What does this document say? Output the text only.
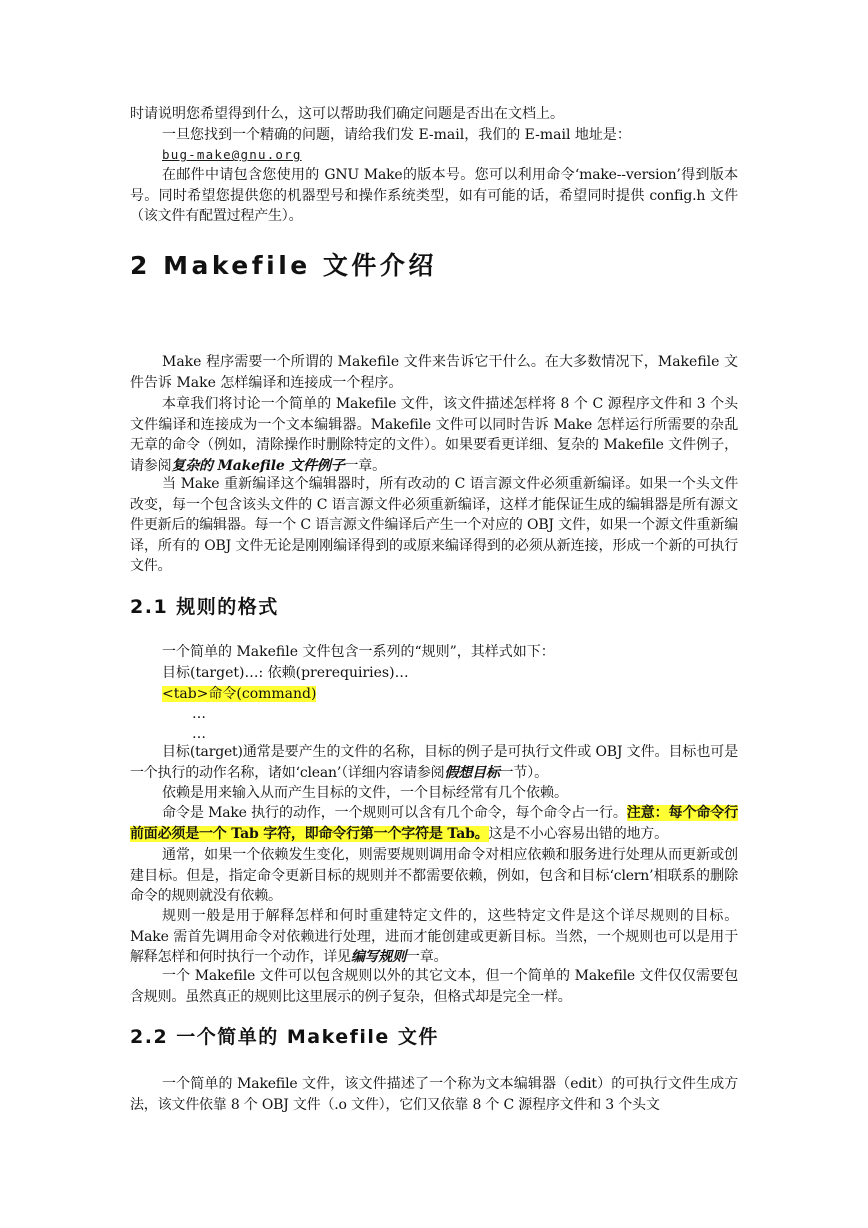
时请说明您希望得到什么，这可以帮助我们确定问题是否出在文档上。
一旦您找到一个精确的问题，请给我们发 E-mail，我们的 E-mail 地址是：
bug-make@gnu.org

在邮件中请包含您使用的 GNU Make的版本号。您可以利用命令‘make--version’得到版本号。同时希望您提供您的机器型号和操作系统类型，如有可能的话，希望同时提供 config.h 文件（该文件有配置过程产生）。

2 Makefile 文件介绍

Make 程序需要一个所谓的 Makefile 文件来告诉它干什么。在大多数情况下，Makefile 文件告诉 Make 怎样编译和连接成一个程序。

本章我们将讨论一个简单的 Makefile 文件，该文件描述怎样将 8 个 C 源程序文件和 3 个头文件编译和连接成为一个文本编辑器。Makefile 文件可以同时告诉 Make 怎样运行所需要的杂乱无章的命令（例如，清除操作时删除特定的文件）。如果要看更详细、复杂的 Makefile 文件例子，请参阅复杂的 Makefile 文件例子一章。

当 Make 重新编译这个编辑器时，所有改动的 C 语言源文件必须重新编译。如果一个头文件改变，每一个包含该头文件的 C 语言源文件必须重新编译，这样才能保证生成的编辑器是所有源文件更新后的编辑器。每一个 C 语言源文件编译后产生一个对应的 OBJ 文件，如果一个源文件重新编译，所有的 OBJ 文件无论是刚刚编译得到的或原来编译得到的必须从新连接，形成一个新的可执行文件。

2.1 规则的格式
一个简单的 Makefile 文件包含一系列的“规则”，其样式如下：
目标(target)…: 依赖(prerequiries)…
<tab>命令(command)
…
…

目标(target)通常是要产生的文件的名称，目标的例子是可执行文件或 OBJ 文件。目标也可是一个执行的动作名称，诸如‘clean’（详细内容请参阅假想目标一节）。

依赖是用来输入从而产生目标的文件，一个目标经常有几个依赖。

命令是 Make 执行的动作，一个规则可以含有几个命令，每个命令占一行。注意：每个命令行前面必须是一个 Tab 字符，即命令行第一个字符是 Tab。这是不小心容易出错的地方。

通常，如果一个依赖发生变化，则需要规则调用命令对相应依赖和服务进行处理从而更新或创建目标。但是，指定命令更新目标的规则并不都需要依赖，例如，包含和目标‘clern’相联系的删除命令的规则就没有依赖。

规则一般是用于解释怎样和何时重建特定文件的，这些特定文件是这个详尽规则的目标。Make 需首先调用命令对依赖进行处理，进而才能创建或更新目标。当然，一个规则也可以是用于解释怎样和何时执行一个动作，详见编写规则一章。

一个 Makefile 文件可以包含规则以外的其它文本，但一个简单的 Makefile 文件仅仅需要包含规则。虽然真正的规则比这里展示的例子复杂，但格式却是完全一样。

2.2 一个简单的 Makefile 文件

一个简单的 Makefile 文件，该文件描述了一个称为文本编辑器（edit）的可执行文件生成方法，该文件依靠 8 个 OBJ 文件（.o 文件），它们又依靠 8 个 C 源程序文件和 3 个头文
